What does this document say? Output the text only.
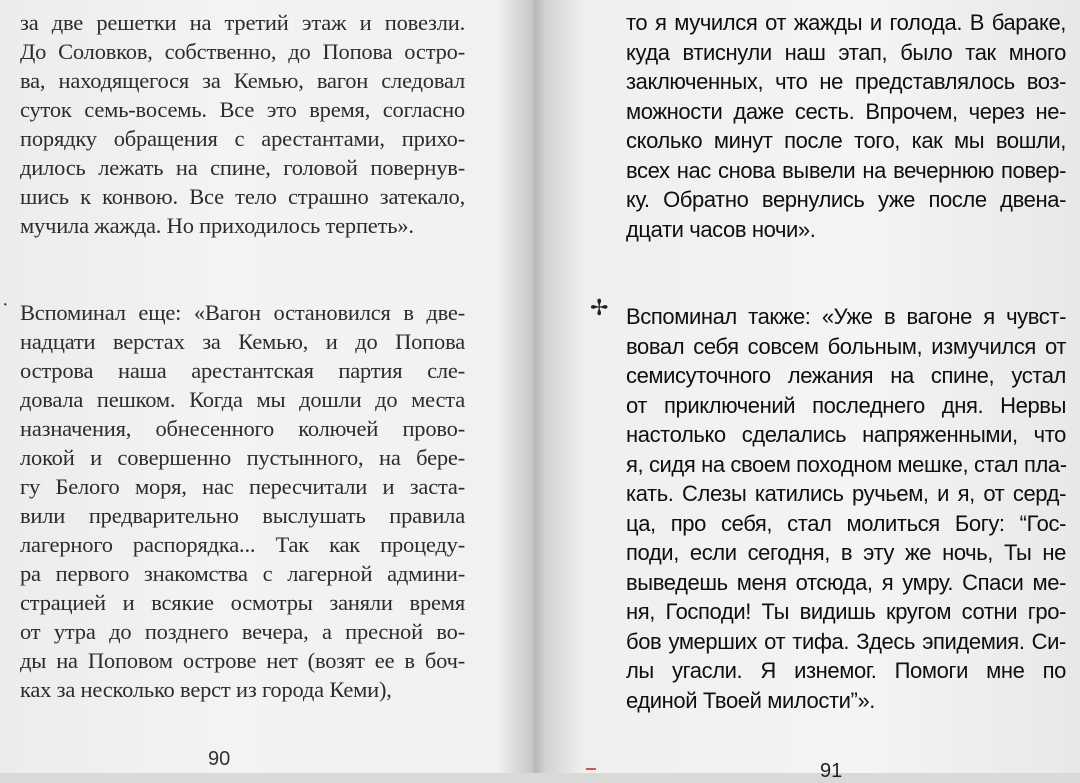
·
за две решетки на третий этаж и повезли.
До Соловков, собственно, до Попова остро-
ва, находящегося за Кемью, вагон следовал
суток семь-восемь. Все это время, согласно
порядку обращения с арестантами, прихо-
дилось лежать на спине, головой повернув-
шись к конвою. Все тело страшно затекало,
мучила жажда. Но приходилось терпеть».
Вспоминал еще: «Вагон остановился в две-
надцати верстах за Кемью, и до Попова
острова наша арестантская партия сле-
довала пешком. Когда мы дошли до места
назначения, обнесенного колючей прово-
локой и совершенно пустынного, на бере-
гу Белого моря, нас пересчитали и заста-
вили предварительно выслушать правила
лагерного распорядка... Так как процеду-
ра первого знакомства с лагерной админи-
страцией и всякие осмотры заняли время
от утра до позднего вечера, а пресной во-
ды на Поповом острове нет (возят ее в боч-
ках за несколько верст из города Кеми),
90
то я мучился от жажды и голода. В бараке,
куда втиснули наш этап, было так много
заключенных, что не представлялось воз-
можности даже сесть. Впрочем, через не-
сколько минут после того, как мы вошли,
всех нас снова вывели на вечернюю повер-
ку. Обратно вернулись уже после двена-
дцати часов ночи».
Вспоминал также: «Уже в вагоне я чувст-
вовал себя совсем больным, измучился от
семисуточного лежания на спине, устал
от приключений последнего дня. Нервы
настолько сделались напряженными, что
я, сидя на своем походном мешке, стал пла-
кать. Слезы катились ручьем, и я, от серд-
ца, про себя, стал молиться Богу: “Гос-
поди, если сегодня, в эту же ночь, Ты не
выведешь меня отсюда, я умру. Спаси ме-
ня, Господи! Ты видишь кругом сотни гро-
бов умерших от тифа. Здесь эпидемия. Си-
лы угасли. Я изнемог. Помоги мне по
единой Твоей милости”».
✢
91
